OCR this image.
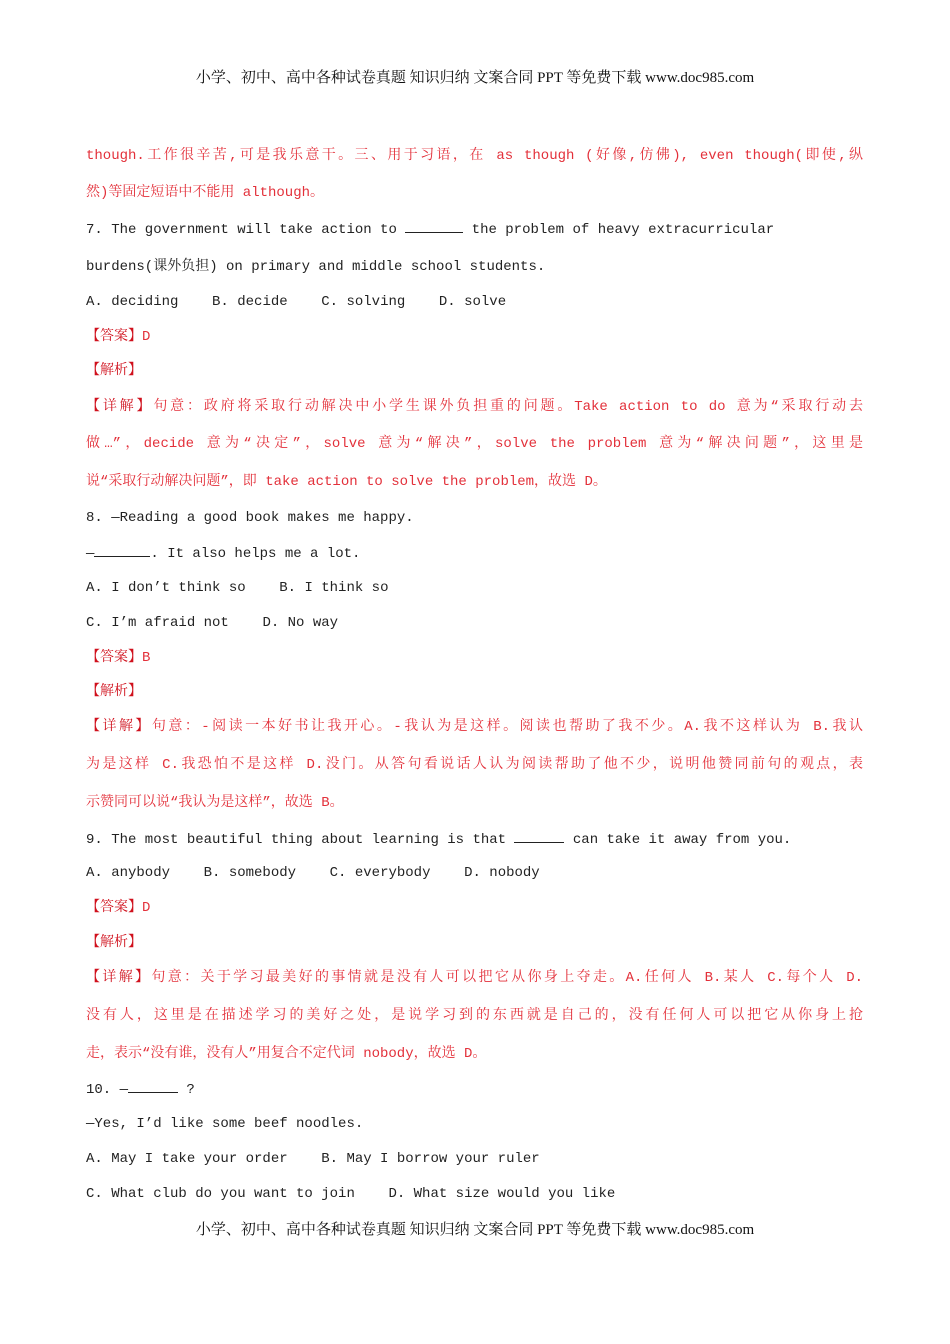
小学、初中、高中各种试卷真题 知识归纳 文案合同 PPT 等免费下载 www.doc985.com
though.工作很辛苦,可是我乐意干。三、用于习语，在 as though (好像,仿佛), even though(即使,纵
然)等固定短语中不能用 although。
7. The government will take action to	the problem of heavy extracurricular
burdens(课外负担) on primary and middle school students.
A. deciding B. decide C. solving D. solve
【答案】D
【解析】
【详解】句意：政府将采取行动解决中小学生课外负担重的问题。Take action to do 意为“采取行动去
做…”，decide 意为“决定”，solve 意为“解决”，solve the problem 意为“解决问题”，这里是
说“采取行动解决问题”，即 take action to solve the problem，故选 D。
8. —Reading a good book makes me happy.
—	. It also helps me a lot.
A. I don’t think so B. I think so
C. I’m afraid not D. No way
【答案】B
【解析】
【详解】句意：-阅读一本好书让我开心。-我认为是这样。阅读也帮助了我不少。A.我不这样认为 B.我认
为是这样 C.我恐怕不是这样 D.没门。从答句看说话人认为阅读帮助了他不少，说明他赞同前句的观点，表
示赞同可以说“我认为是这样”，故选 B。
9. The most beautiful thing about learning is that	can take it away from you.
A. anybody B. somebody C. everybody D. nobody
【答案】D
【解析】
【详解】句意：关于学习最美好的事情就是没有人可以把它从你身上夺走。A.任何人 B.某人 C.每个人 D.
没有人，这里是在描述学习的美好之处，是说学习到的东西就是自己的，没有任何人可以把它从你身上抢
走，表示“没有谁，没有人”用复合不定代词 nobody，故选 D。
10. —	?
—Yes, I’d like some beef noodles.
A. May I take your order B. May I borrow your ruler
C. What club do you want to join D. What size would you like
小学、初中、高中各种试卷真题 知识归纳 文案合同 PPT 等免费下载 www.doc985.com
